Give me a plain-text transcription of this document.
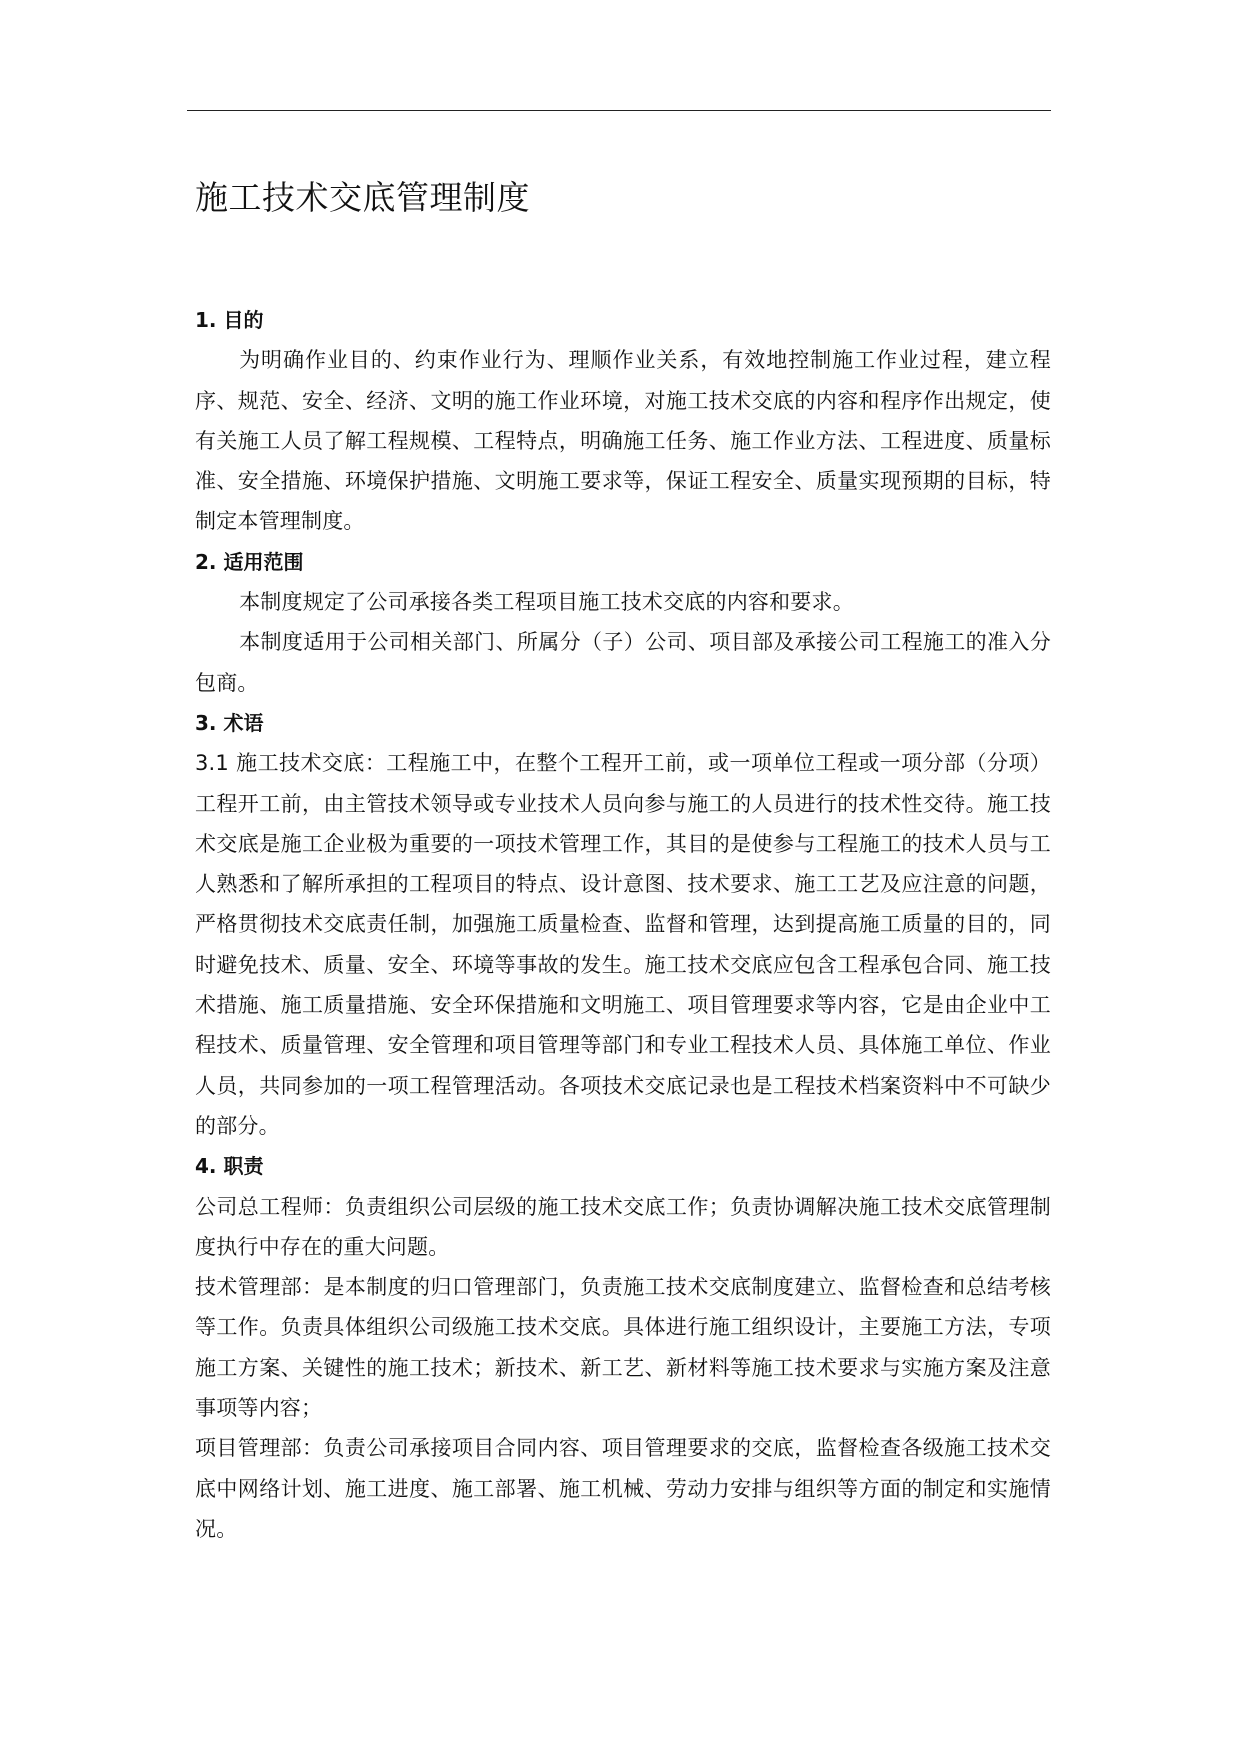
施工技术交底管理制度
1. 目的

为明确作业目的、约束作业行为、理顺作业关系，有效地控制施工作业过程，建立程序、规范、安全、经济、文明的施工作业环境，对施工技术交底的内容和程序作出规定，使有关施工人员了解工程规模、工程特点，明确施工任务、施工作业方法、工程进度、质量标准、安全措施、环境保护措施、文明施工要求等，保证工程安全、质量实现预期的目标，特制定本管理制度。

2. 适用范围

本制度规定了公司承接各类工程项目施工技术交底的内容和要求。

本制度适用于公司相关部门、所属分（子）公司、项目部及承接公司工程施工的准入分包商。

3. 术语

3.1 施工技术交底：工程施工中，在整个工程开工前，或一项单位工程或一项分部（分项）工程开工前，由主管技术领导或专业技术人员向参与施工的人员进行的技术性交待。施工技术交底是施工企业极为重要的一项技术管理工作，其目的是使参与工程施工的技术人员与工人熟悉和了解所承担的工程项目的特点、设计意图、技术要求、施工工艺及应注意的问题，严格贯彻技术交底责任制，加强施工质量检查、监督和管理，达到提高施工质量的目的，同时避免技术、质量、安全、环境等事故的发生。施工技术交底应包含工程承包合同、施工技术措施、施工质量措施、安全环保措施和文明施工、项目管理要求等内容，它是由企业中工程技术、质量管理、安全管理和项目管理等部门和专业工程技术人员、具体施工单位、作业人员，共同参加的一项工程管理活动。各项技术交底记录也是工程技术档案资料中不可缺少的部分。

4. 职责

公司总工程师：负责组织公司层级的施工技术交底工作；负责协调解决施工技术交底管理制度执行中存在的重大问题。

技术管理部：是本制度的归口管理部门，负责施工技术交底制度建立、监督检查和总结考核等工作。负责具体组织公司级施工技术交底。具体进行施工组织设计，主要施工方法，专项施工方案、关键性的施工技术；新技术、新工艺、新材料等施工技术要求与实施方案及注意事项等内容；

项目管理部：负责公司承接项目合同内容、项目管理要求的交底，监督检查各级施工技术交底中网络计划、施工进度、施工部署、施工机械、劳动力安排与组织等方面的制定和实施情况。
